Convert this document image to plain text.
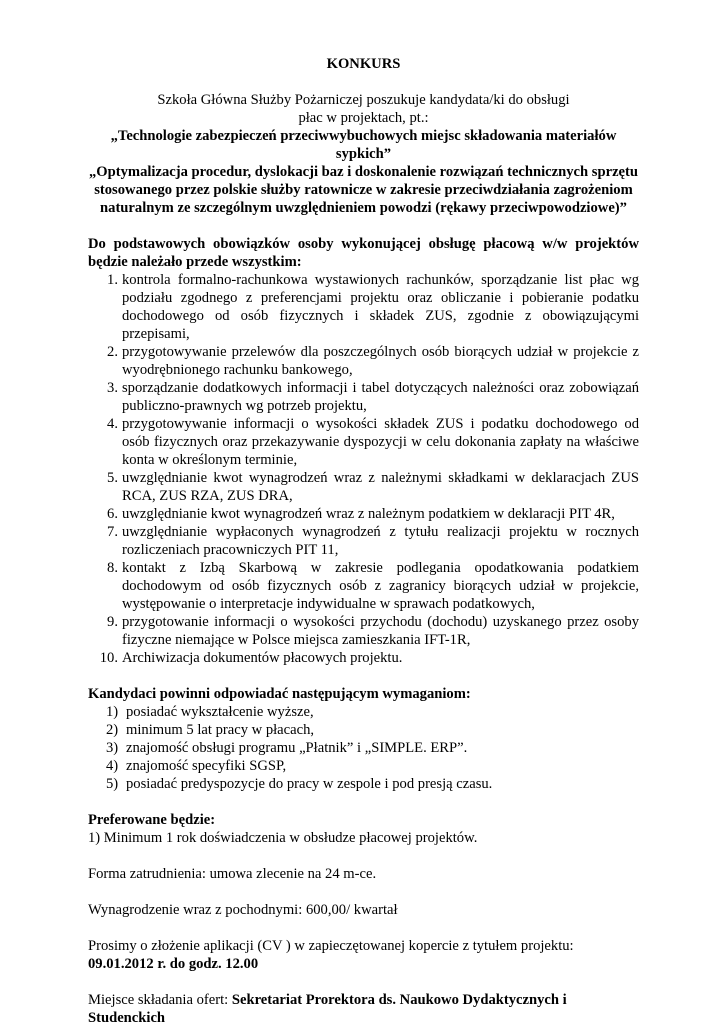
KONKURS
Szkoła Główna Służby Pożarniczej poszukuje kandydata/ki do obsługi
płac w projektach, pt.:
„Technologie zabezpieczeń przeciwwybuchowych miejsc składowania materiałów sypkich”
„Optymalizacja procedur, dyslokacji baz i doskonalenie rozwiązań technicznych sprzętu stosowanego przez polskie służby ratownicze w zakresie przeciwdziałania zagrożeniom naturalnym ze szczególnym uwzględnieniem powodzi (rękawy przeciwpowodziowe)”
Do podstawowych obowiązków osoby wykonującej obsługę płacową w/w projektów będzie należało przede wszystkim:
1. kontrola formalno-rachunkowa wystawionych rachunków, sporządzanie list płac wg podziału zgodnego z preferencjami projektu oraz obliczanie i pobieranie podatku dochodowego od osób fizycznych i składek ZUS, zgodnie z obowiązującymi przepisami,
2. przygotowywanie przelewów dla poszczególnych osób biorących udział w projekcie z wyodrębnionego rachunku bankowego,
3. sporządzanie dodatkowych informacji i tabel dotyczących należności oraz zobowiązań publiczno-prawnych wg potrzeb projektu,
4. przygotowywanie informacji o wysokości składek ZUS i podatku dochodowego od osób fizycznych oraz przekazywanie dyspozycji w celu dokonania zapłaty na właściwe konta w określonym terminie,
5. uwzględnianie kwot wynagrodzeń wraz z należnymi składkami w deklaracjach ZUS RCA, ZUS RZA, ZUS DRA,
6. uwzględnianie kwot wynagrodzeń wraz z należnym podatkiem w deklaracji PIT 4R,
7. uwzględnianie wypłaconych wynagrodzeń z tytułu realizacji projektu w rocznych rozliczeniach pracowniczych PIT 11,
8. kontakt z Izbą Skarbową w zakresie podlegania opodatkowania podatkiem dochodowym od osób fizycznych osób z zagranicy biorących udział w projekcie, występowanie o interpretacje indywidualne w sprawach podatkowych,
9. przygotowanie informacji o wysokości przychodu (dochodu) uzyskanego przez osoby fizyczne niemające w Polsce miejsca zamieszkania IFT-1R,
10. Archiwizacja dokumentów płacowych projektu.
Kandydaci powinni odpowiadać następującym wymaganiom:
1) posiadać wykształcenie wyższe,
2) minimum 5 lat pracy w płacach,
3) znajomość obsługi programu „Płatnik” i „SIMPLE. ERP”.
4) znajomość specyfiki SGSP,
5) posiadać predyspozycje do pracy w zespole i pod presją czasu.
Preferowane będzie:
1) Minimum 1 rok doświadczenia w obsłudze płacowej projektów.
Forma zatrudnienia: umowa zlecenie na 24 m-ce.
Wynagrodzenie wraz z pochodnymi: 600,00/ kwartał
Prosimy o złożenie aplikacji (CV ) w zapieczętowanej kopercie z tytułem projektu:
09.01.2012 r. do godz. 12.00
Miejsce składania ofert: Sekretariat Prorektora ds. Naukowo Dydaktycznych i Studenckich
